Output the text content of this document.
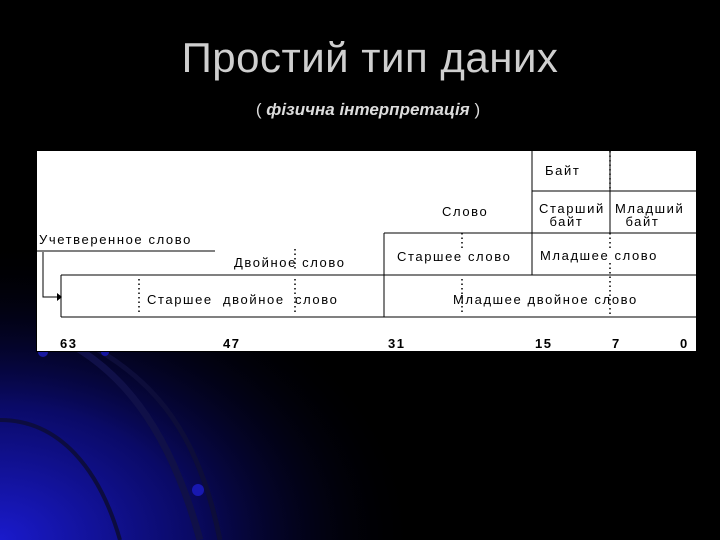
Простий тип даних
( фізична інтерпретація )
Байт
Слово	Старший
байт
Младший
байт
Учетверенное слово
Двойное слово	Старшее слово Младшее слово
Старшее двойное слово	Младшее двойное слово
63	47	31	15	7	0
